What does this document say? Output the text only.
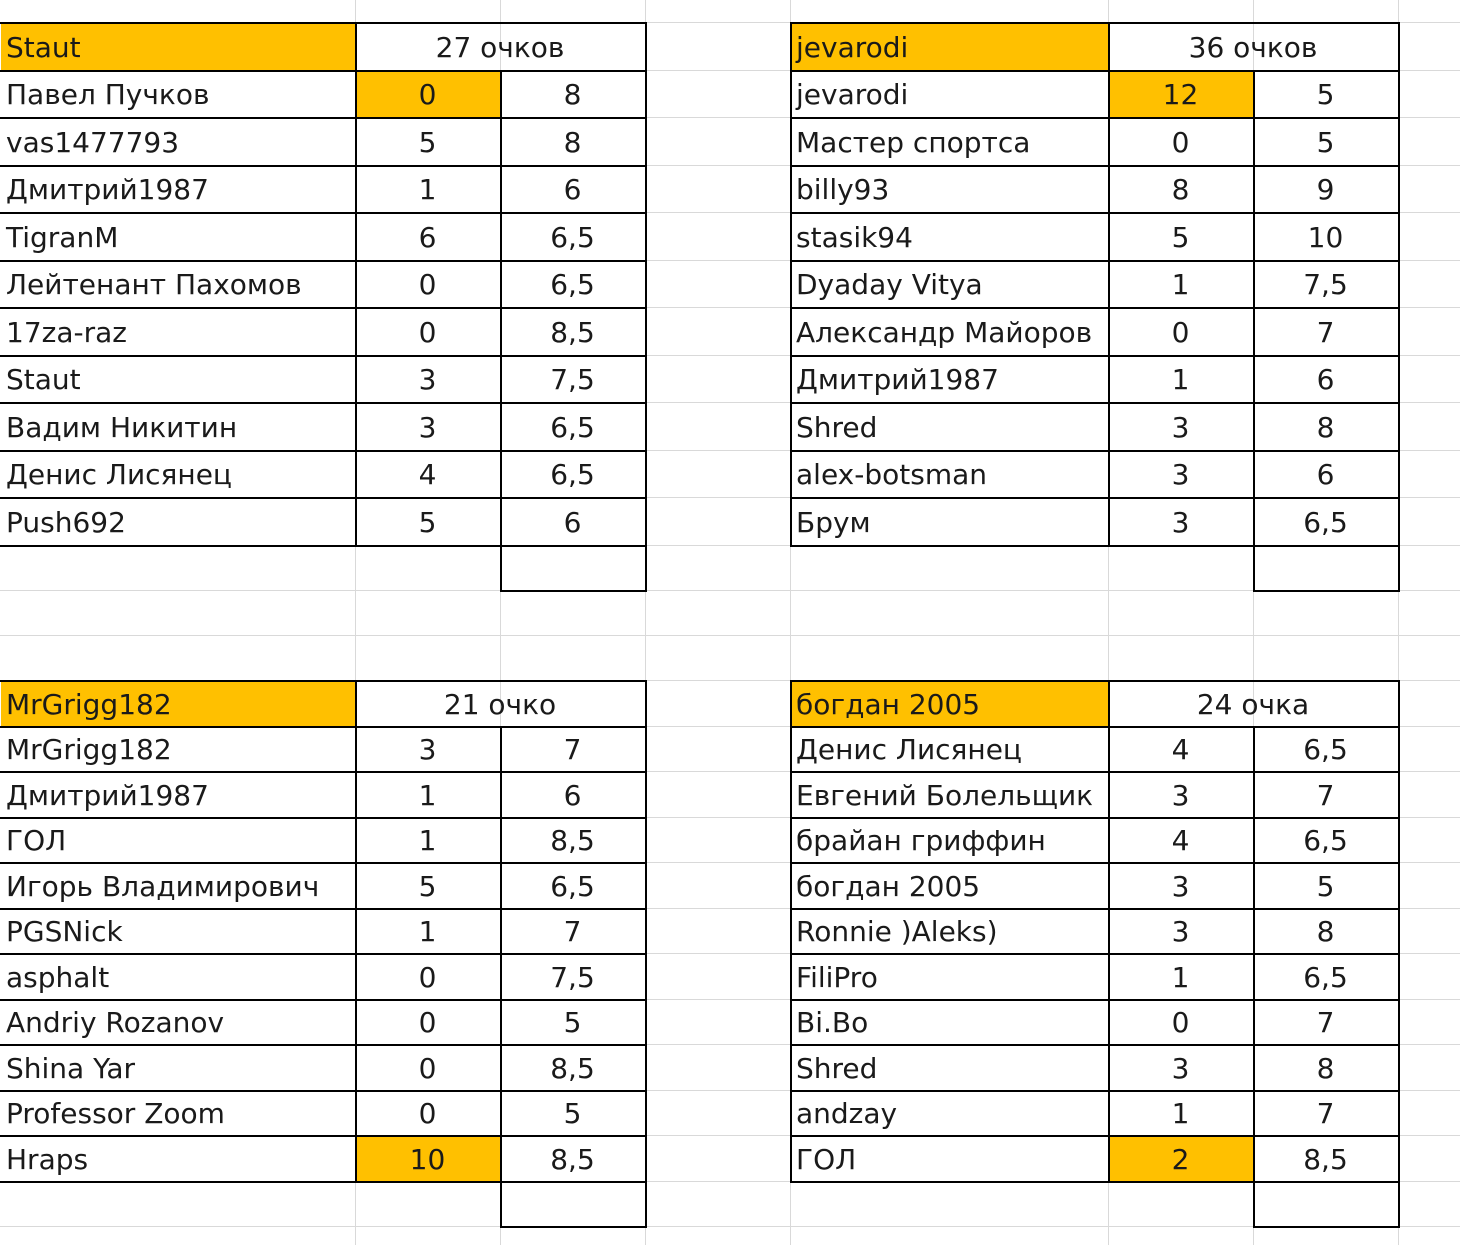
Staut	27 очков
Павел Пучков	0	8
vas1477793	5	8
Дмитрий1987	1	6
TigranM	6	6,5
Лейтенант Пахомов	0	6,5
17za-raz	0	8,5
Staut	3	7,5
Вадим Никитин	3	6,5
Денис Лисянец	4	6,5
Push692	5	6
jevarodi	36 очков
jevarodi	12	5
Мастер спортса	0	5
billy93	8	9
stasik94	5	10
Dyaday Vitya	1	7,5
Александр Майоров	0	7
Дмитрий1987	1	6
Shred	3	8
alex-botsman	3	6
Брум	3	6,5
MrGrigg182	21 очко
MrGrigg182	3	7
Дмитрий1987	1	6
ГОЛ	1	8,5
Игорь Владимирович	5	6,5
PGSNick	1	7
asphalt	0	7,5
Andriy Rozanov	0	5
Shina Yar	0	8,5
Professor Zoom	0	5
Hraps	10	8,5
богдан 2005	24 очка
Денис Лисянец	4	6,5
Евгений Болельщик	3	7
брайан гриффин	4	6,5
богдан 2005	3	5
Ronnie )Aleks)	3	8
FiliPro	1	6,5
Bi.Bo	0	7
Shred	3	8
andzay	1	7
ГОЛ	2	8,5
